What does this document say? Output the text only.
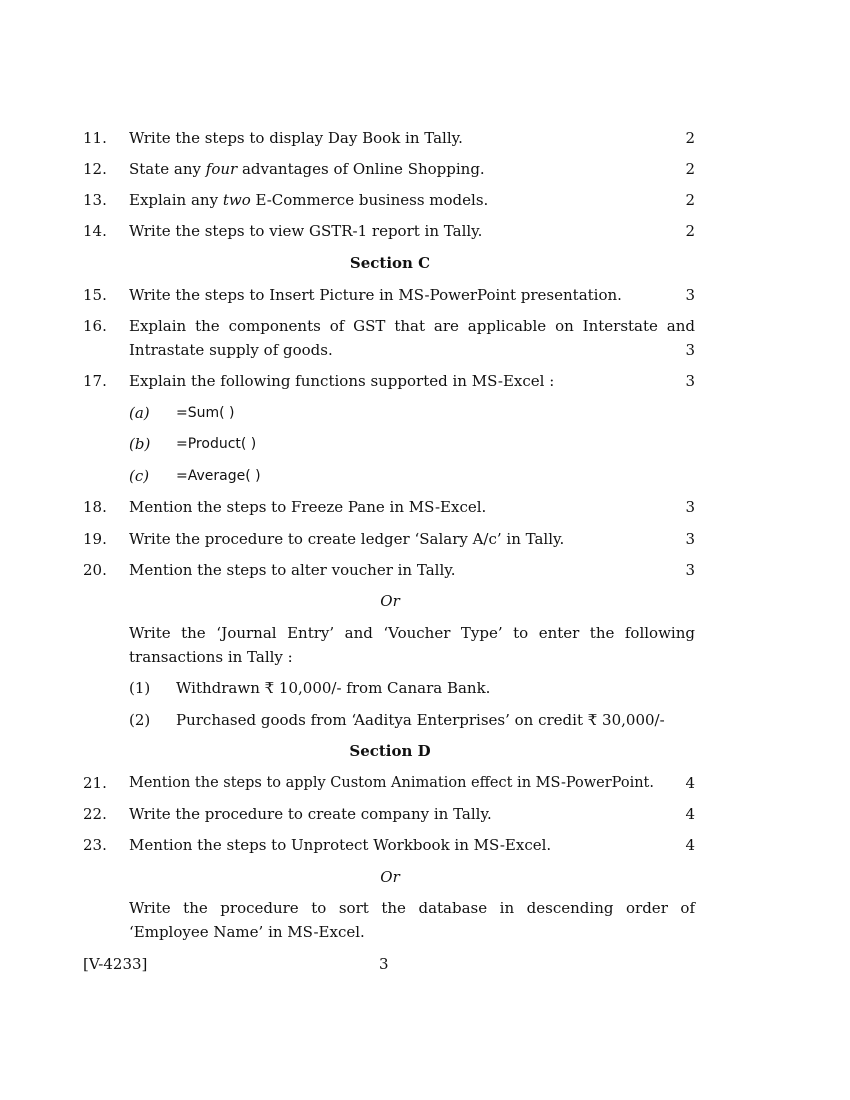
11.	Write the steps to display Day Book in Tally.	2
12.	State any four advantages of Online Shopping.	2
13.	Explain any two E-Commerce business models.	2
14.	Write the steps to view GSTR-1 report in Tally.	2
Section C
15.	Write the steps to Insert Picture in MS-PowerPoint presentation.	3
16.	Explain the components of GST that are applicable on Interstate and Intrastate supply of goods.	3
17.	Explain the following functions supported in MS-Excel :	3
(a) =Sum( )
(b) =Product( )
(c) =Average( )
18.	Mention the steps to Freeze Pane in MS-Excel.	3
19.	Write the procedure to create ledger ‘Salary A/c’ in Tally.	3
20.	Mention the steps to alter voucher in Tally.	3
Or
Write the ‘Journal Entry’ and ‘Voucher Type’ to enter the following transactions in Tally :
(1) Withdrawn ₹ 10,000/- from Canara Bank.
(2) Purchased goods from ‘Aaditya Enterprises’ on credit ₹ 30,000/-
Section D
21.	Mention the steps to apply Custom Animation effect in MS-PowerPoint.	4
22.	Write the procedure to create company in Tally.	4
23.	Mention the steps to Unprotect Workbook in MS-Excel.	4
Or
Write the procedure to sort the database in descending order of ‘Employee Name’ in MS-Excel.
[V-4233]	3
